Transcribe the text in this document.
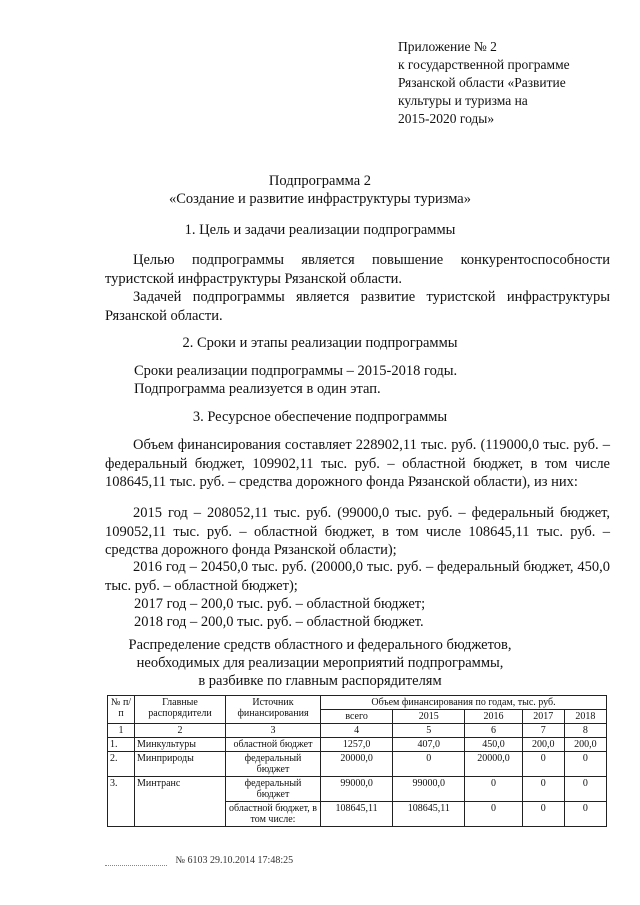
Приложение № 2
к государственной программе
Рязанской области «Развитие
культуры и туризма на
2015-2020 годы»
Подпрограмма 2
«Создание и развитие инфраструктуры туризма»
1. Цель и задачи реализации подпрограммы
Целью подпрограммы является повышение конкурентоспособности туристской инфраструктуры Рязанской области.
Задачей подпрограммы является развитие туристской инфраструктуры Рязанской области.
2. Сроки и этапы реализации подпрограммы
Сроки реализации подпрограммы – 2015-2018 годы.
Подпрограмма реализуется в один этап.
3. Ресурсное обеспечение подпрограммы
Объем финансирования составляет 228902,11 тыс. руб. (119000,0 тыс. руб. – федеральный бюджет, 109902,11 тыс. руб. – областной бюджет, в том числе 108645,11 тыс. руб. – средства дорожного фонда Рязанской области), из них:
2015 год – 208052,11 тыс. руб. (99000,0 тыс. руб. – федеральный бюджет, 109052,11 тыс. руб. – областной бюджет, в том числе 108645,11 тыс. руб. – средства дорожного фонда Рязанской области);
2016 год – 20450,0 тыс. руб. (20000,0 тыс. руб. – федеральный бюджет, 450,0 тыс. руб. – областной бюджет);
2017 год – 200,0 тыс. руб. – областной бюджет;
2018 год – 200,0 тыс. руб. – областной бюджет.
Распределение средств областного и федерального бюджетов,
необходимых для реализации мероприятий подпрограммы,
в разбивке по главным распорядителям
№ п/п	Главные распорядители	Источник финансирования	Объем финансирования по годам, тыс. руб.				
			всего	2015	2016	2017	2018
1	2	3	4	5	6	7	8
1.	Минкультуры	областной бюджет	1257,0	407,0	450,0	200,0	200,0
2.	Минприроды	федеральный бюджет	20000,0	0	20000,0	0	0
3.	Минтранс	федеральный бюджет	99000,0	99000,0	0	0	0
		областной бюджет, в том числе:	108645,11	108645,11	0	0	0
№ 6103 29.10.2014 17:48:25
